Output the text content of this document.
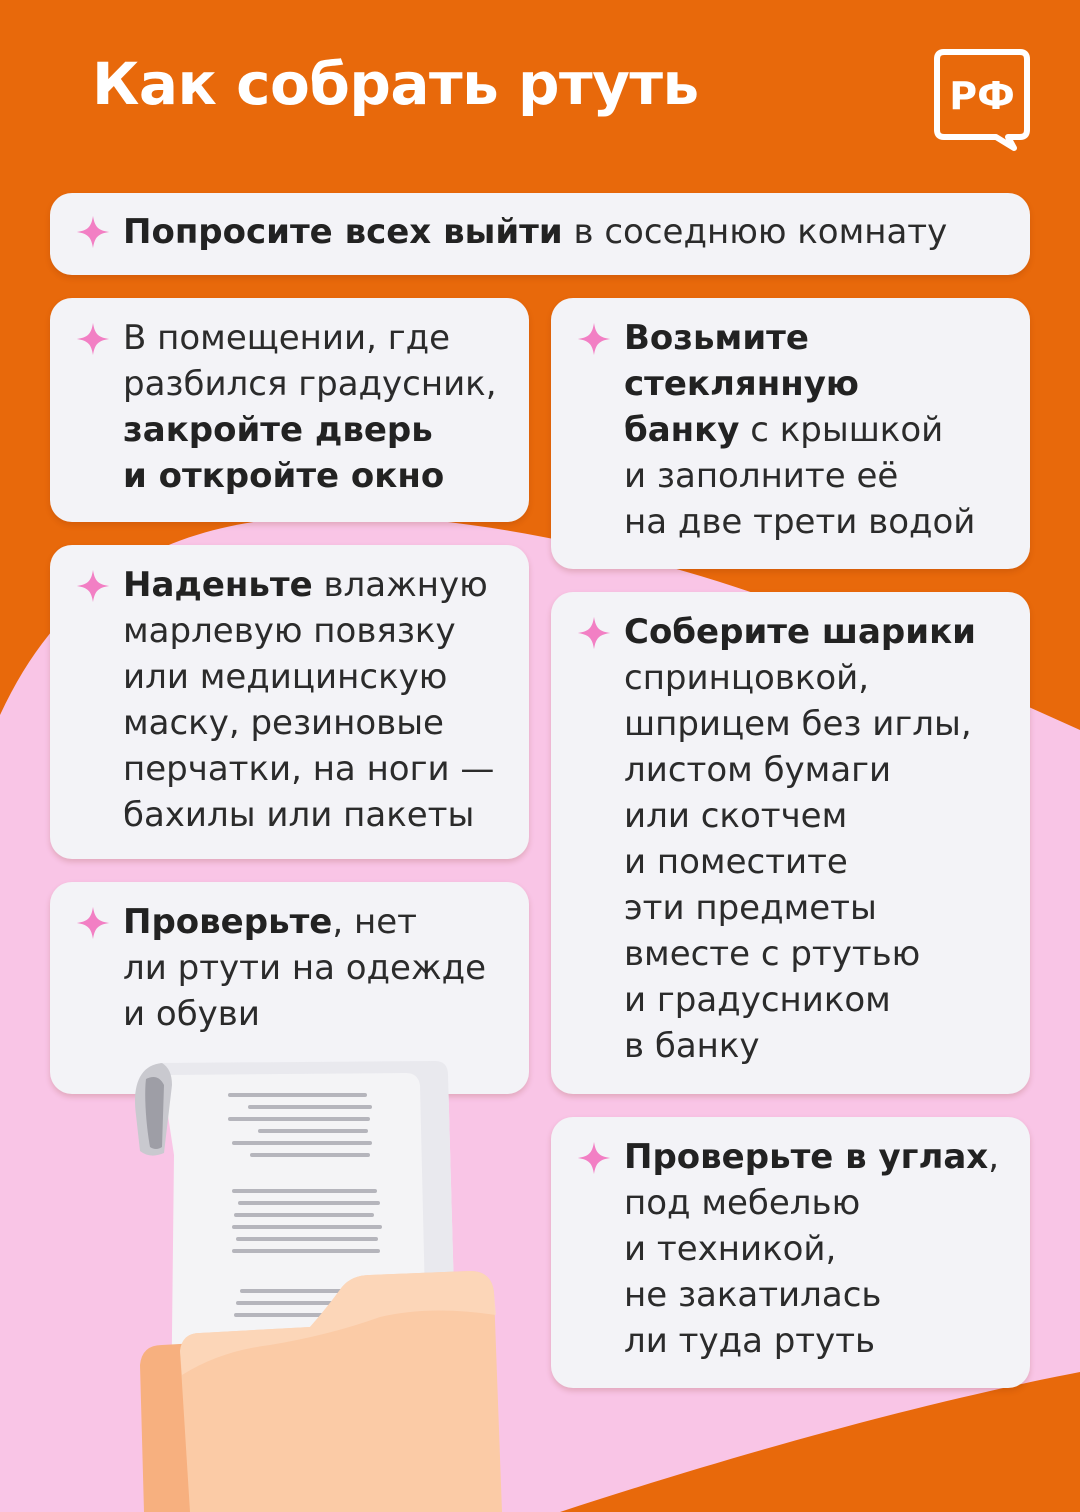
Как собрать ртуть	РФ

Попросите всех выйти в соседнюю комнату

В помещении, где
разбился градусник,
закройте дверь
и откройте окно

Наденьте влажную
марлевую повязку
или медицинскую
маску, резиновые
перчатки, на ноги —
бахилы или пакеты

Проверьте, нет
ли ртути на одежде
и обуви

Возьмите
стеклянную
банку с крышкой
и заполните её
на две трети водой

Соберите шарики
спринцовкой,
шприцем без иглы,
листом бумаги
или скотчем
и поместите
эти предметы
вместе с ртутью
и градусником
в банку

Проверьте в углах,
под мебелью
и техникой,
не закатилась
ли туда ртуть
